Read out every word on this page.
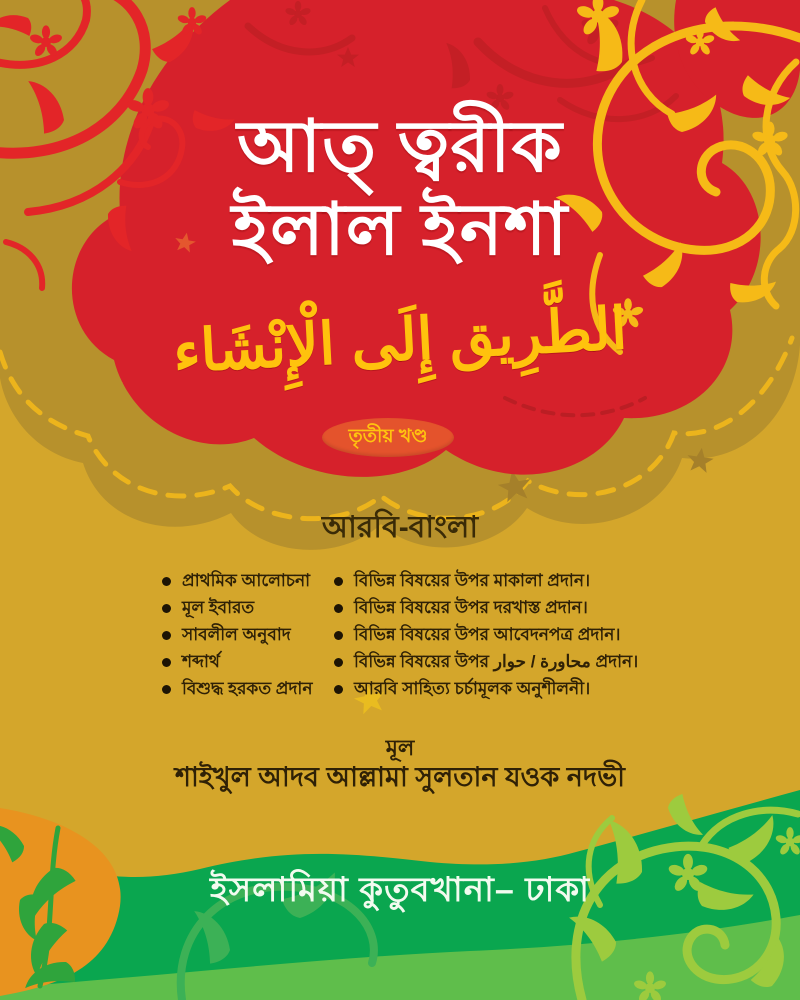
আত্ ত্বরীক
ইলাল ইনশা
الطَّرِيق إِلَى الْإِنْشَاء
তৃতীয় খণ্ড
আরবি-বাংলা
প্রাথমিক আলোচনা
মূল ইবারত
সাবলীল অনুবাদ
শব্দার্থ
বিশুদ্ধ হরকত প্রদান
বিভিন্ন বিষয়ের উপর মাকালা প্রদান।
বিভিন্ন বিষয়ের উপর দরখাস্ত প্রদান।
বিভিন্ন বিষয়ের উপর আবেদনপত্র প্রদান।
বিভিন্ন বিষয়ের উপর محاورة / حوار প্রদান।
আরবি সাহিত্য চর্চামূলক অনুশীলনী।
মূল
শাইখুল আদব আল্লামা সুলতান যওক নদভী
ইসলামিয়া কুতুবখানা– ঢাকা
